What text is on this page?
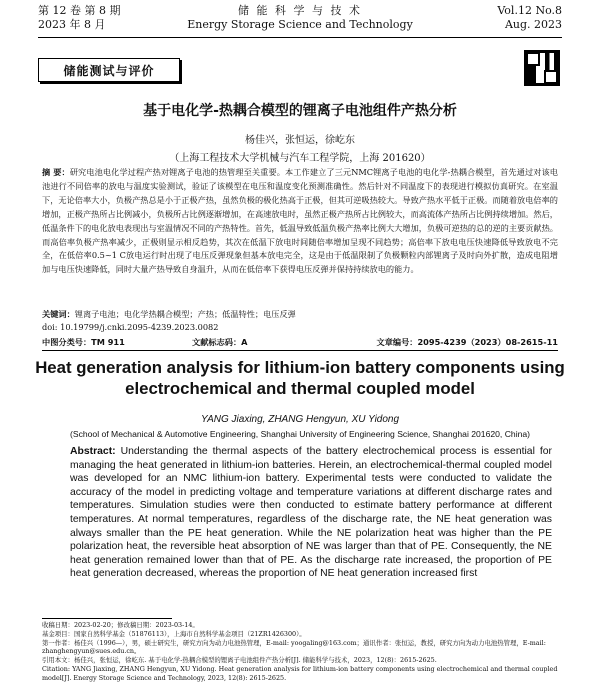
第 12 卷 第 8 期
2023 年 8 月
储 能 科 学 与 技 术
Energy Storage Science and Technology
Vol.12 No.8
Aug. 2023
储能测试与评价
基于电化学-热耦合模型的锂离子电池组件产热分析
杨佳兴，张恒运，徐屹东
（上海工程技术大学机械与汽车工程学院，上海 201620）
摘 要：研究电池电化学过程产热对锂离子电池的热管理至关重要。本工作建立了三元NMC锂离子电池的电化学-热耦合模型，首先通过对该电池进行不同倍率的放电与温度实验测试，验证了该模型在电压和温度变化预测准确性。然后针对不同温度下的表现进行模拟仿真研究。在室温下，无论倍率大小，负极产热总是小于正极产热，虽然负极的极化热高于正极，但其可逆吸热较大。导致产热水平低于正极。而随着放电倍率的增加，正极产热所占比例减小，负极所占比例逐渐增加，在高速放电时，虽然正极产热所占比例较大，而高流体产热所占比例持续增加。然后，低温条件下的电化放电表现出与室温情况不同的产热特性。首先，低温导致低温负极产热率比例大大增加，负极可逆热的总的逆的主要贡献热。而高倍率负极产热率减少，正极则显示相反趋势，其次在低温下放电时间随倍率增加呈现不同趋势；高倍率下放电电压快速降低导致放电不完全，在低倍率0.5~1 C放电运行时出现了电压反弹现象但基本放电完全，这是由于低温限制了负极颗粒内部锂离子及时向外扩散，造成电阻增加与电压快速降低，同时大量产热导致自身温升，从而在低倍率下获得电压反弹并保持持续放电的能力。
关键词：锂离子电池；电化学热耦合模型；产热；低温特性；电压反弹
doi: 10.19799/j.cnki.2095-4239.2023.0082
中图分类号：TM 911	文献标志码：A	文章编号：2095-4239（2023）08-2615-11
Heat generation analysis for lithium-ion battery components using electrochemical and thermal coupled model
YANG Jiaxing, ZHANG Hengyun, XU Yidong
(School of Mechanical & Automotive Engineering, Shanghai University of Engineering Science, Shanghai 201620, China)
Abstract: Understanding the thermal aspects of the battery electrochemical process is essential for managing the heat generated in lithium-ion batteries. Herein, an electrochemical-thermal coupled model was developed for an NMC lithium-ion battery. Experimental tests were conducted to validate the accuracy of the model in predicting voltage and temperature variations at different discharge rates and temperatures. Simulation studies were then conducted to estimate battery performance at different temperatures. At normal temperatures, regardless of the discharge rate, the NE heat generation was always smaller than the PE heat generation. While the NE polarization heat was higher than the PE polarization heat, the reversible heat absorption of NE was larger than that of PE. Consequently, the NE heat generation remained lower than that of PE. As the discharge rate increased, the proportion of PE heat generation decreased, whereas the proportion of NE heat generation increased first
收稿日期：2023-02-20；修改稿日期：2023-03-14。
基金项目：国家自然科学基金（51876113），上海市自然科学基金项目（21ZR1426300）。
第一作者：杨佳兴（1996—），男，硕士研究生，研究方向为动力电池热管理，E-mail: yoogaling@163.com；通讯作者：张恒运，教授，研究方向为动力电池热管理，E-mail: zhanghengyun@sues.edu.cn。
引用本文：杨佳兴，张恒运，徐屹东. 基于电化学-热耦合模型的锂离子电池组件产热分析[J]. 储能科学与技术，2023，12(8)：2615-2625.
Citation: YANG Jiaxing, ZHANG Hengyun, XU Yidong. Heat generation analysis for lithium-ion battery components using electrochemical and thermal coupled model[J]. Energy Storage Science and Technology, 2023, 12(8): 2615-2625.
